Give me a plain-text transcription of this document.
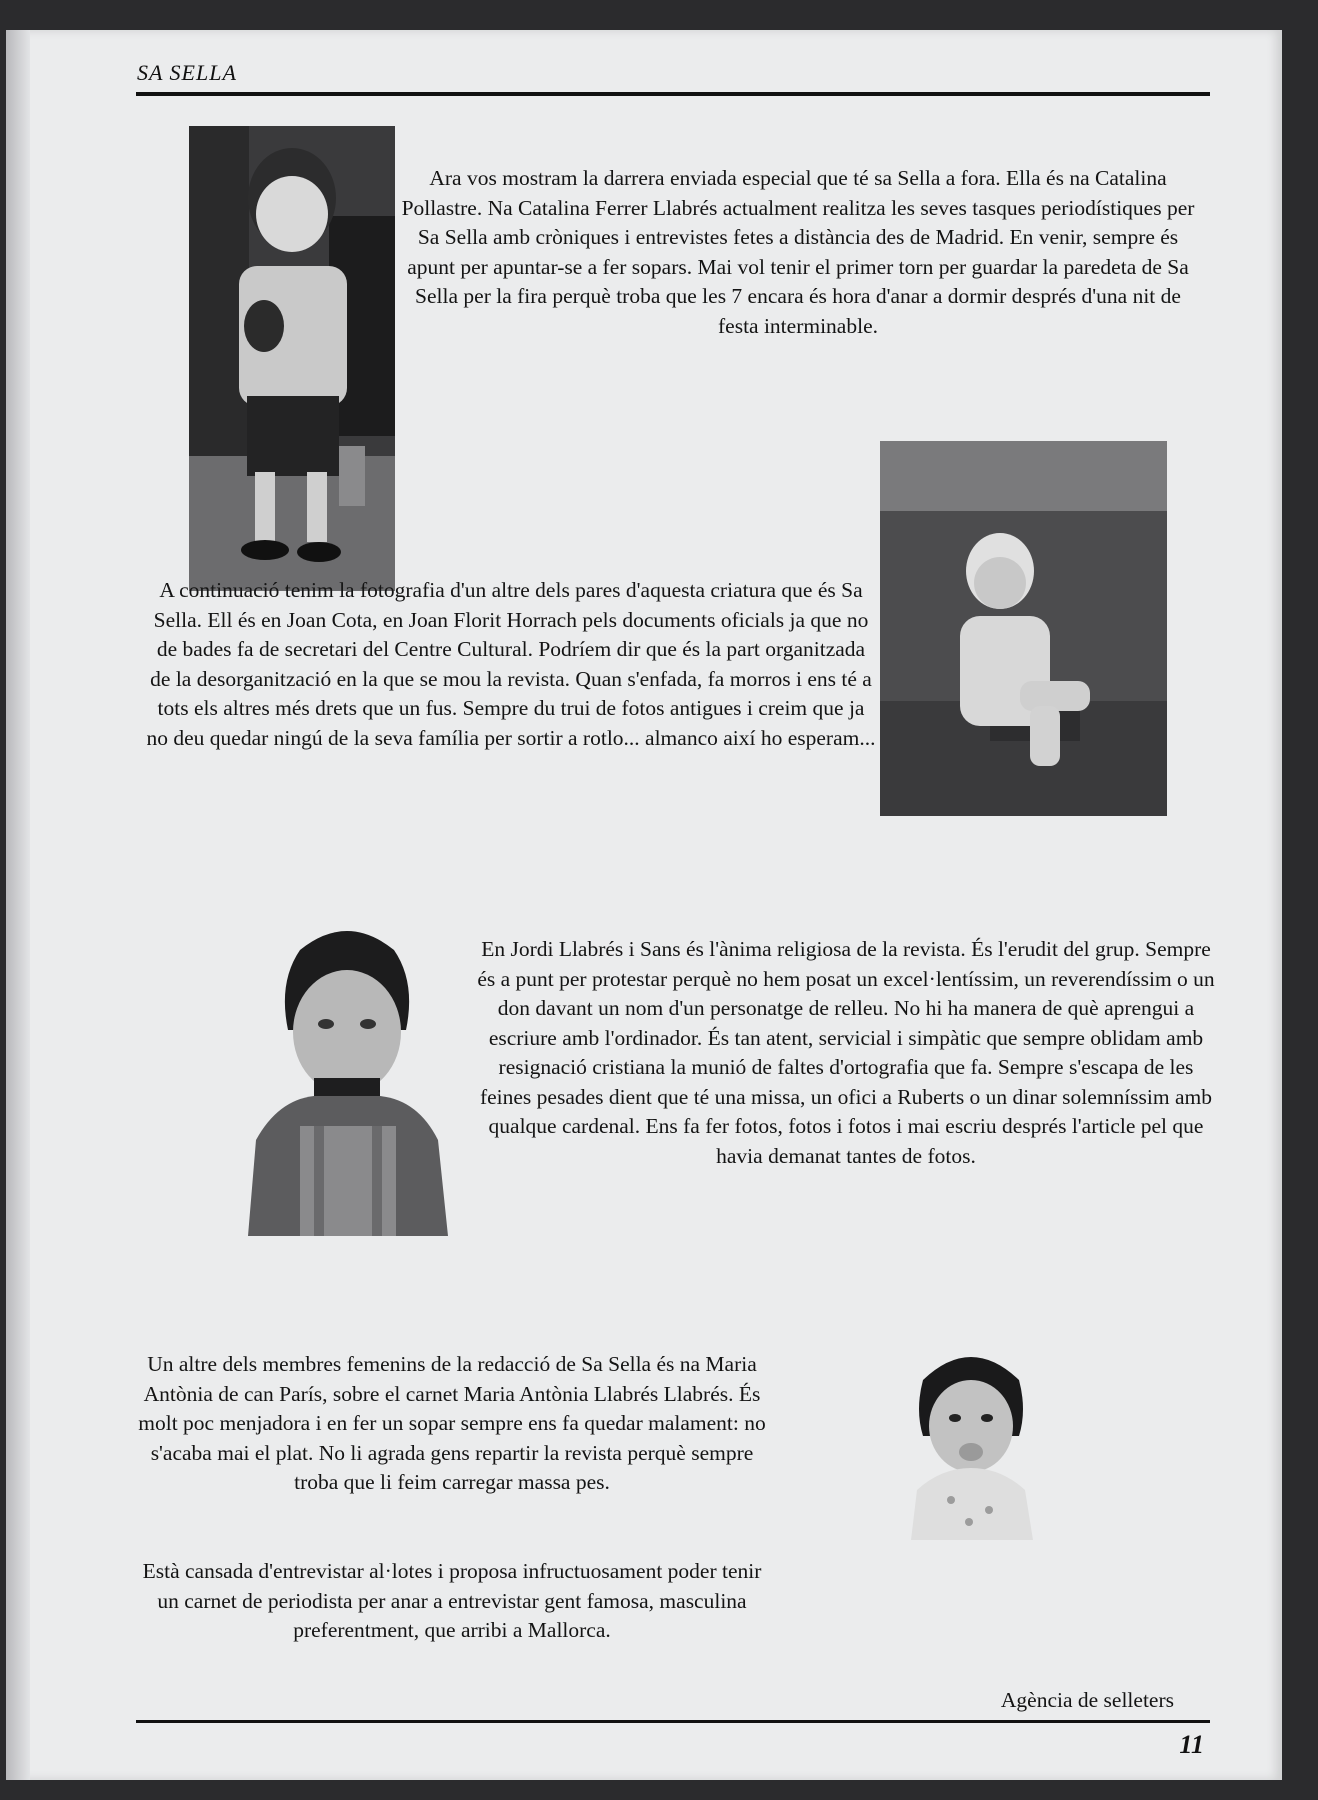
SA SELLA

Ara vos mostram la darrera enviada especial que té sa Sella a fora. Ella és na Catalina Pollastre. Na Catalina Ferrer Llabrés actualment realitza les seves tasques periodístiques per Sa Sella amb cròniques i entrevistes fetes a distància des de Madrid. En venir, sempre és apunt per apuntar-se a fer sopars. Mai vol tenir el primer torn per guardar la paredeta de Sa Sella per la fira perquè troba que les 7 encara és hora d'anar a dormir després d'una nit de festa interminable.

A continuació tenim la fotografia d'un altre dels pares d'aquesta criatura que és Sa Sella. Ell és en Joan Cota, en Joan Florit Horrach pels documents oficials ja que no de bades fa de secretari del Centre Cultural. Podríem dir que és la part organitzada de la desorganització en la que se mou la revista. Quan s'enfada, fa morros i ens té a tots els altres més drets que un fus. Sempre du trui de fotos antigues i creim que ja no deu quedar ningú de la seva família per sortir a rotlo... almanco així ho esperam...

En Jordi Llabrés i Sans és l'ànima religiosa de la revista. És l'erudit del grup. Sempre és a punt per protestar perquè no hem posat un excel·lentíssim, un reverendíssim o un don davant un nom d'un personatge de relleu. No hi ha manera de què aprengui a escriure amb l'ordinador. És tan atent, servicial i simpàtic que sempre oblidam amb resignació cristiana la munió de faltes d'ortografia que fa. Sempre s'escapa de les feines pesades dient que té una missa, un ofici a Ruberts o un dinar solemníssim amb qualque cardenal. Ens fa fer fotos, fotos i fotos i mai escriu després l'article pel que havia demanat tantes de fotos.

Un altre dels membres femenins de la redacció de Sa Sella és na Maria Antònia de can París, sobre el carnet Maria Antònia Llabrés Llabrés. És molt poc menjadora i en fer un sopar sempre ens fa quedar malament: no s'acaba mai el plat. No li agrada gens repartir la revista perquè sempre troba que li feim carregar massa pes.

Està cansada d'entrevistar al·lotes i proposa infructuosament poder tenir un carnet de periodista per anar a entrevistar gent famosa, masculina preferentment, que arribi a Mallorca.

Agència de selleters
11
